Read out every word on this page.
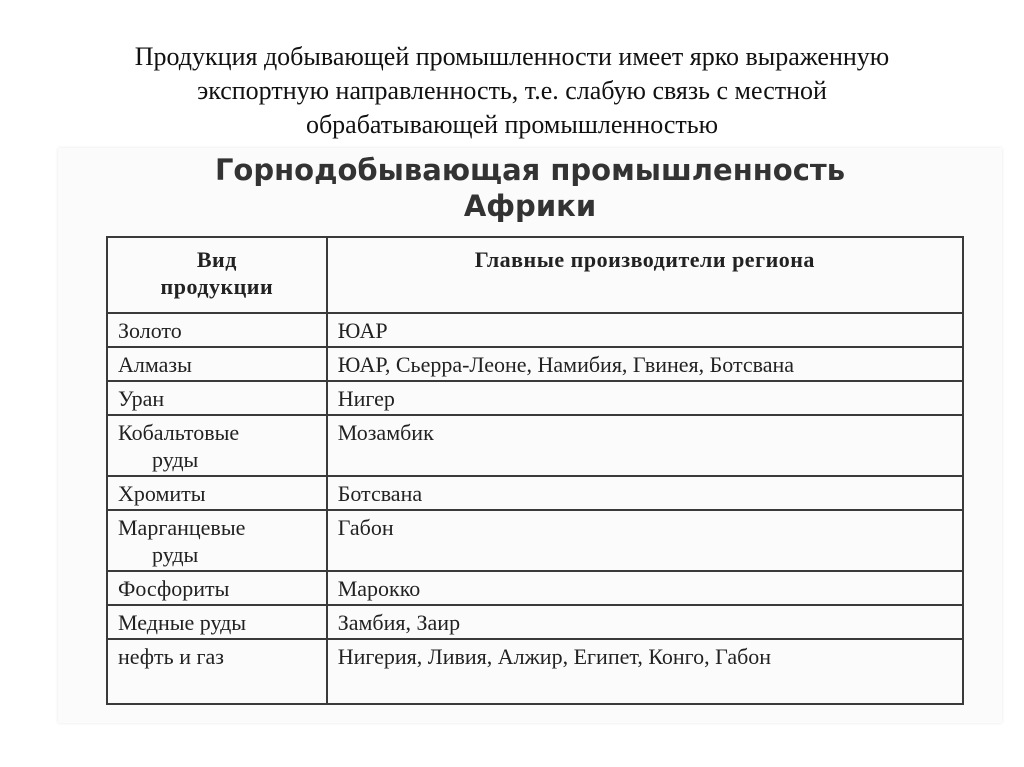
Продукция добывающей промышленности имеет ярко выраженную
экспортную направленность, т.е. слабую связь с местной
обрабатывающей промышленностью
Горнодобывающая промышленность
Африки
Вид
продукции	Главные производители региона
Золото	ЮАР
Алмазы	ЮАР, Сьерра-Леоне, Намибия, Гвинея, Ботсвана
Уран	Нигер
Кобальтовые
руды	Мозамбик
Хромиты	Ботсвана
Марганцевые
руды	Габон
Фосфориты	Марокко
Медные руды	Замбия, Заир
нефть и газ	Нигерия, Ливия, Алжир, Египет, Конго, Габон
